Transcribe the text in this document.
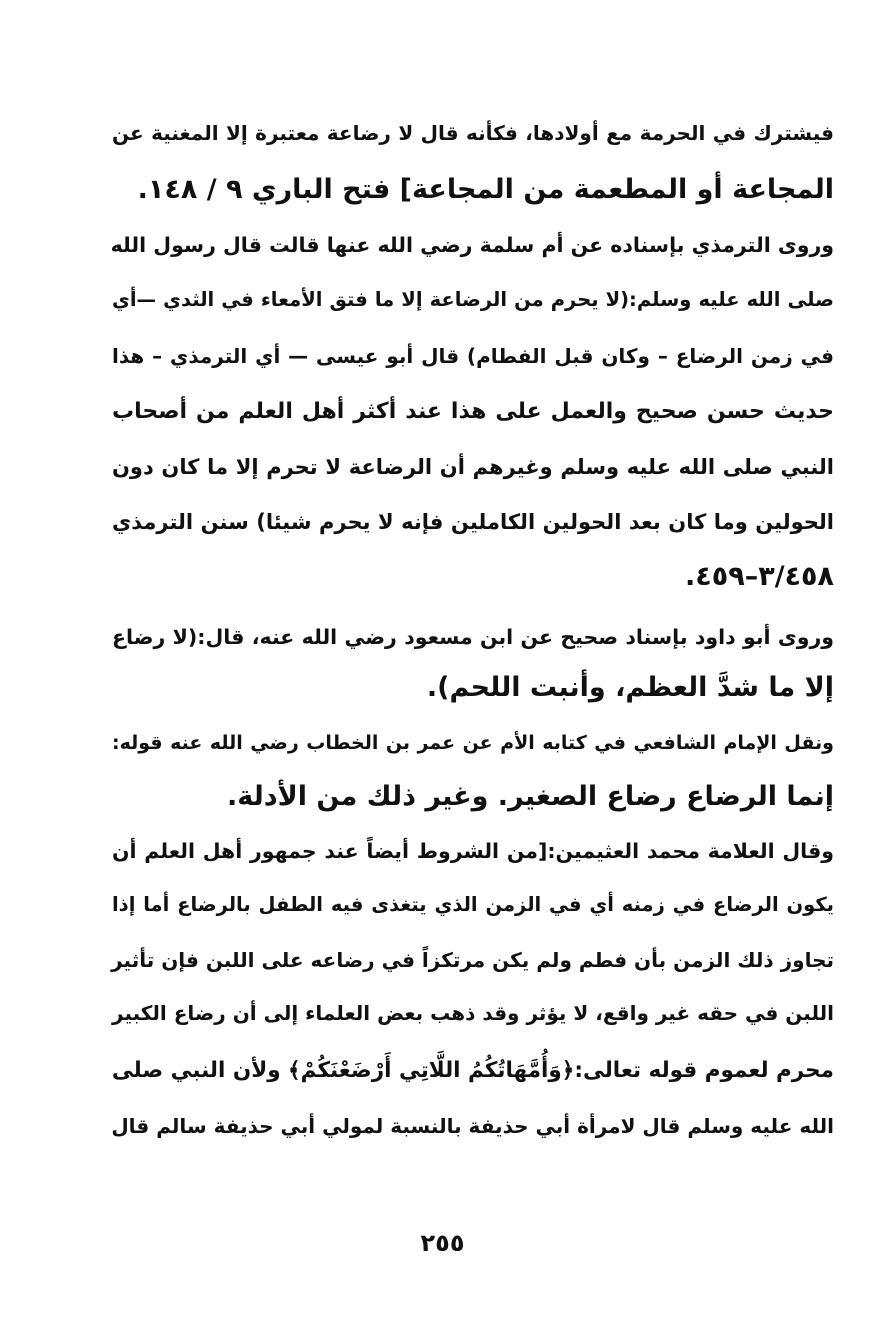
فيشترك في الحرمة مع أولادها، فكأنه قال لا رضاعة معتبرة إلا المغنية عن
المجاعة أو المطعمة من المجاعة] فتح الباري ٩ / ١٤٨.
وروى الترمذي بإسناده عن أم سلمة رضي الله عنها قالت قال رسول الله
صلى الله عليه وسلم:(لا يحرم من الرضاعة إلا ما فتق الأمعاء في الثدي —أي
في زمن الرضاع – وكان قبل الفطام) قال أبو عيسى — أي الترمذي – هذا
حديث حسن صحيح والعمل على هذا عند أكثر أهل العلم من أصحاب
النبي صلى الله عليه وسلم وغيرهم أن الرضاعة لا تحرم إلا ما كان دون
الحولين وما كان بعد الحولين الكاملين فإنه لا يحرم شيئا) سنن الترمذي
٣/٤٥٨–٤٥٩.
وروى أبو داود بإسناد صحيح عن ابن مسعود رضي الله عنه، قال:(لا رضاع
إلا ما شدَّ العظم، وأنبت اللحم).
ونقل الإمام الشافعي في كتابه الأم عن عمر بن الخطاب رضي الله عنه قوله:
إنما الرضاع رضاع الصغير. وغير ذلك من الأدلة.
وقال العلامة محمد العثيمين:[من الشروط أيضاً عند جمهور أهل العلم أن
يكون الرضاع في زمنه أي في الزمن الذي يتغذى فيه الطفل بالرضاع أما إذا
تجاوز ذلك الزمن بأن فطم ولم يكن مرتكزاً في رضاعه على اللبن فإن تأثير
اللبن في حقه غير واقع، لا يؤثر وقد ذهب بعض العلماء إلى أن رضاع الكبير
محرم لعموم قوله تعالى:﴿وَأُمَّهَاتُكُمُ اللَّاتِي أَرْضَعْنَكُمْ﴾ ولأن النبي صلى
الله عليه وسلم قال لامرأة أبي حذيفة بالنسبة لمولي أبي حذيفة سالم قال
٢٥٥
